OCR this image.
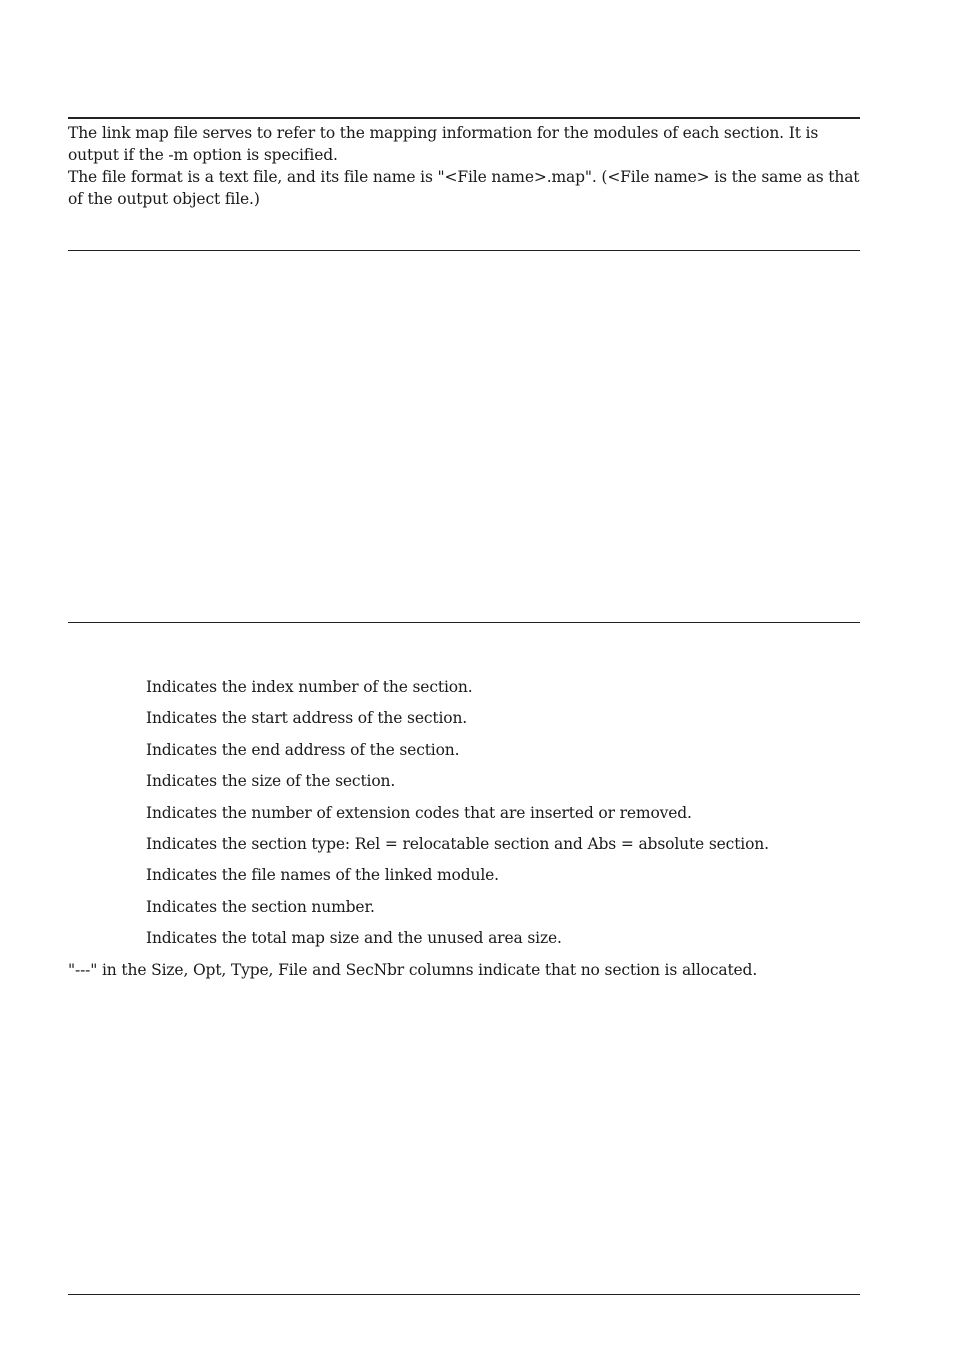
The link map file serves to refer to the mapping information for the modules of each section. It is output if the -m option is specified.

The file format is a text file, and its file name is "<File name>.map". (<File name> is the same as that of the output object file.)

Indicates the index number of the section.
Indicates the start address of the section.
Indicates the end address of the section.
Indicates the size of the section.
Indicates the number of extension codes that are inserted or removed.
Indicates the section type: Rel = relocatable section and Abs = absolute section.
Indicates the file names of the linked module.
Indicates the section number.
Indicates the total map size and the unused area size.
"---" in the Size, Opt, Type, File and SecNbr columns indicate that no section is allocated.
